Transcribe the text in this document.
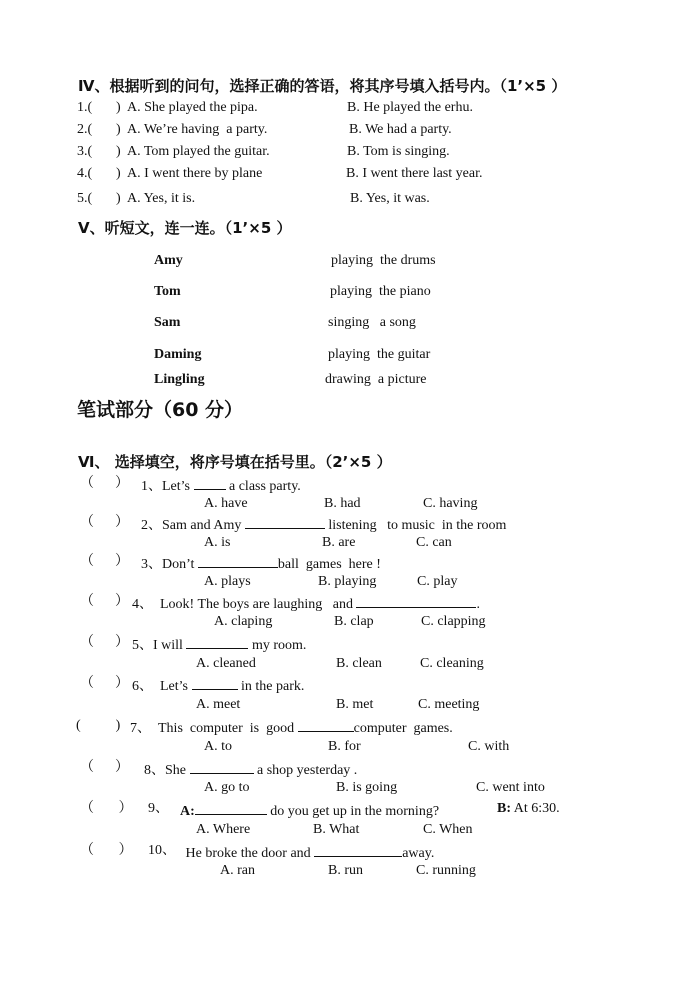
Ⅳ、根据听到的问句，选择正确的答语，将其序号填入括号内。（1’×5 ）
1.( ) A. She played the pipa.	B. He played the erhu.
2.( ) A. We’re having  a party.	B. We had a party.
3.( ) A. Tom played the guitar.	B. Tom is singing.
4.( ) A. I went there by plane	B. I went there last year.
5.( ) A. Yes, it is.	B. Yes, it was.
Ⅴ、听短文，连一连。（1’×5 ）
Amy	playing  the drums
Tom	playing  the piano
Sam	singing   a song
Daming	playing  the guitar
Lingling	drawing  a picture
笔试部分（60 分）
Ⅵ、 选择填空，将序号填在括号里。（2’×5 ）
（      ） 1、Let’s  a class party.
A. have	B. had	C. having
（      ） 2、Sam and Amy	listening   to music  in the room
A. is	B. are	C. can
（      ） 3、Don’t	ball  games  here !
A. plays	B. playing	C. play
（      ） 4、  Look! The boys are laughing   and	.
A. claping	B. clap	C. clapping
（      ） 5、I will	my room.
A. cleaned	B. clean	C. cleaning
（      ） 6、  Let’s	in the park.
A. meet	B. met	C. meeting
(          ) 7、  This  computer  is  good	computer  games.
A. to	B. for	C. with
（      ） 8、She	a shop yesterday .
A. go to	B. is going	C. went into
（       ） 9、 A:	do you get up in the morning?	B: At 6:30.
A. Where	B. What	C. When
（       ） 10、 He broke the door and	away.
A. ran	B. run	C. running
